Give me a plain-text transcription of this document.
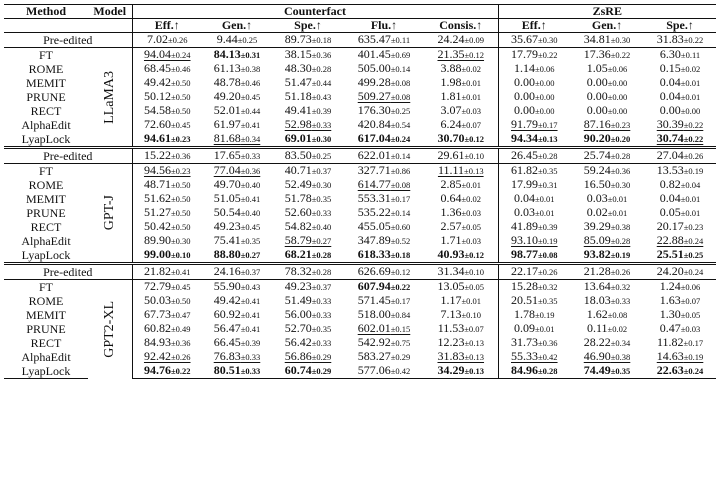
Method	Model	Counterfact					ZsRE		
		Eff.↑	Gen.↑	Spe.↑	Flu.↑	Consis.↑	Eff.↑	Gen.↑	Spe.↑
Pre-edited		7.02±0.26	9.44±0.25	89.73±0.18	635.47±0.11	24.24±0.09	35.67±0.30	34.81±0.30	31.83±0.22
FT	LLaMA3	94.04±0.24	84.13±0.31	38.15±0.36	401.45±0.69	21.35±0.12	17.79±0.22	17.36±0.22	6.30±0.11
ROME		68.45±0.46	61.13±0.38	48.30±0.28	505.00±0.14	3.88±0.02	1.14±0.06	1.05±0.06	0.15±0.02
MEMIT		49.42±0.50	48.78±0.46	51.47±0.44	499.28±0.08	1.98±0.01	0.00±0.00	0.00±0.00	0.04±0.01
PRUNE		50.12±0.50	49.20±0.45	51.18±0.43	509.27±0.08	1.81±0.01	0.00±0.00	0.00±0.00	0.04±0.01
RECT		54.58±0.50	52.01±0.44	49.41±0.39	176.30±0.25	3.07±0.03	0.00±0.00	0.00±0.00	0.00±0.00
AlphaEdit		72.60±0.45	61.97±0.41	52.98±0.33	420.84±0.54	6.24±0.07	91.79±0.17	87.16±0.23	30.39±0.22
LyapLock		94.61±0.23	81.68±0.34	69.01±0.30	617.04±0.24	30.70±0.12	94.34±0.13	90.20±0.20	30.74±0.22
Pre-edited		15.22±0.36	17.65±0.33	83.50±0.25	622.01±0.14	29.61±0.10	26.45±0.28	25.74±0.28	27.04±0.26
FT	GPT-J	94.56±0.23	77.04±0.36	40.71±0.37	327.71±0.86	11.11±0.13	61.82±0.35	59.24±0.36	13.53±0.19
ROME		48.71±0.50	49.70±0.40	52.49±0.30	614.77±0.08	2.85±0.01	17.99±0.31	16.50±0.30	0.82±0.04
MEMIT		51.62±0.50	51.05±0.41	51.78±0.35	553.31±0.17	0.64±0.02	0.04±0.01	0.03±0.01	0.04±0.01
PRUNE		51.27±0.50	50.54±0.40	52.60±0.33	535.22±0.14	1.36±0.03	0.03±0.01	0.02±0.01	0.05±0.01
RECT		50.42±0.50	49.23±0.45	54.82±0.40	455.05±0.60	2.57±0.05	41.89±0.39	39.29±0.38	20.17±0.23
AlphaEdit		89.90±0.30	75.41±0.35	58.79±0.27	347.89±0.52	1.71±0.03	93.10±0.19	85.09±0.28	22.88±0.24
LyapLock		99.00±0.10	88.80±0.27	68.21±0.28	618.33±0.18	40.93±0.12	98.77±0.08	93.82±0.19	25.51±0.25
Pre-edited		21.82±0.41	24.16±0.37	78.32±0.28	626.69±0.12	31.34±0.10	22.17±0.26	21.28±0.26	24.20±0.24
FT	GPT2-XL	72.79±0.45	55.90±0.43	49.23±0.37	607.94±0.22	13.05±0.05	15.28±0.32	13.64±0.32	1.24±0.06
ROME		50.03±0.50	49.42±0.41	51.49±0.33	571.45±0.17	1.17±0.01	20.51±0.35	18.03±0.33	1.63±0.07
MEMIT		67.73±0.47	60.92±0.41	56.00±0.33	518.00±0.84	7.13±0.10	1.78±0.19	1.62±0.08	1.30±0.05
PRUNE		60.82±0.49	56.47±0.41	52.70±0.35	602.01±0.15	11.53±0.07	0.09±0.01	0.11±0.02	0.47±0.03
RECT		84.93±0.36	66.45±0.39	56.42±0.33	542.92±0.75	12.23±0.13	31.73±0.36	28.22±0.34	11.82±0.17
AlphaEdit		92.42±0.26	76.83±0.33	56.86±0.29	583.27±0.29	31.83±0.13	55.33±0.42	46.90±0.38	14.63±0.19
LyapLock		94.76±0.22	80.51±0.33	60.74±0.29	577.06±0.42	34.29±0.13	84.96±0.28	74.49±0.35	22.63±0.24
